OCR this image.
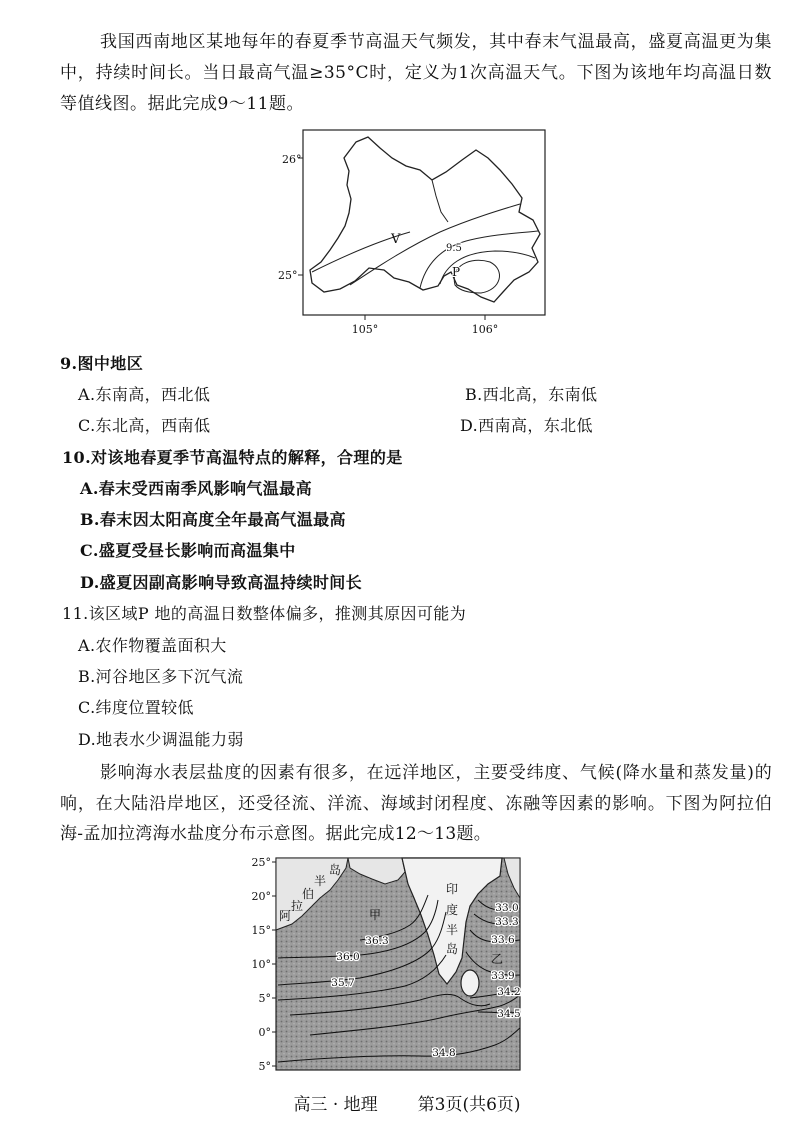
我国西南地区某地每年的春夏季节高温天气频发，其中春末气温最高，盛夏高温更为集中，持续时间长。当日最高气温≥35°C时，定义为1次高温天气。下图为该地年均高温日数等值线图。据此完成9～11题。

26°
25°
105°	106°
V
9.5
P
9.图中地区
A.东南高，西北低	B.西北高，东南低
C.东北高，西南低	D.西南高，东北低
10.对该地春夏季节高温特点的解释，合理的是
A.春末受西南季风影响气温最高
B.春末因太阳高度全年最高气温最高
C.盛夏受昼长影响而高温集中
D.盛夏因副高影响导致高温持续时间长
11.该区域P 地的高温日数整体偏多，推测其原因可能为
A.农作物覆盖面积大
B.河谷地区多下沉气流
C.纬度位置较低
D.地表水少调温能力弱

影响海水表层盐度的因素有很多，在远洋地区，主要受纬度、气候(降水量和蒸发量)的响，在大陆沿岸地区，还受径流、洋流、海域封闭程度、冻融等因素的影响。下图为阿拉伯海-孟加拉湾海水盐度分布示意图。据此完成12～13题。

25°
20°
15°
10°
5°
0°
5°
阿
拉
伯
半
岛
印
度
半
岛
甲
乙
36.3
36.0
35.7
33.0
33.3
33.6
33.9
34.2
34.5
34.8
高三 · 地理 第3页(共6页)
